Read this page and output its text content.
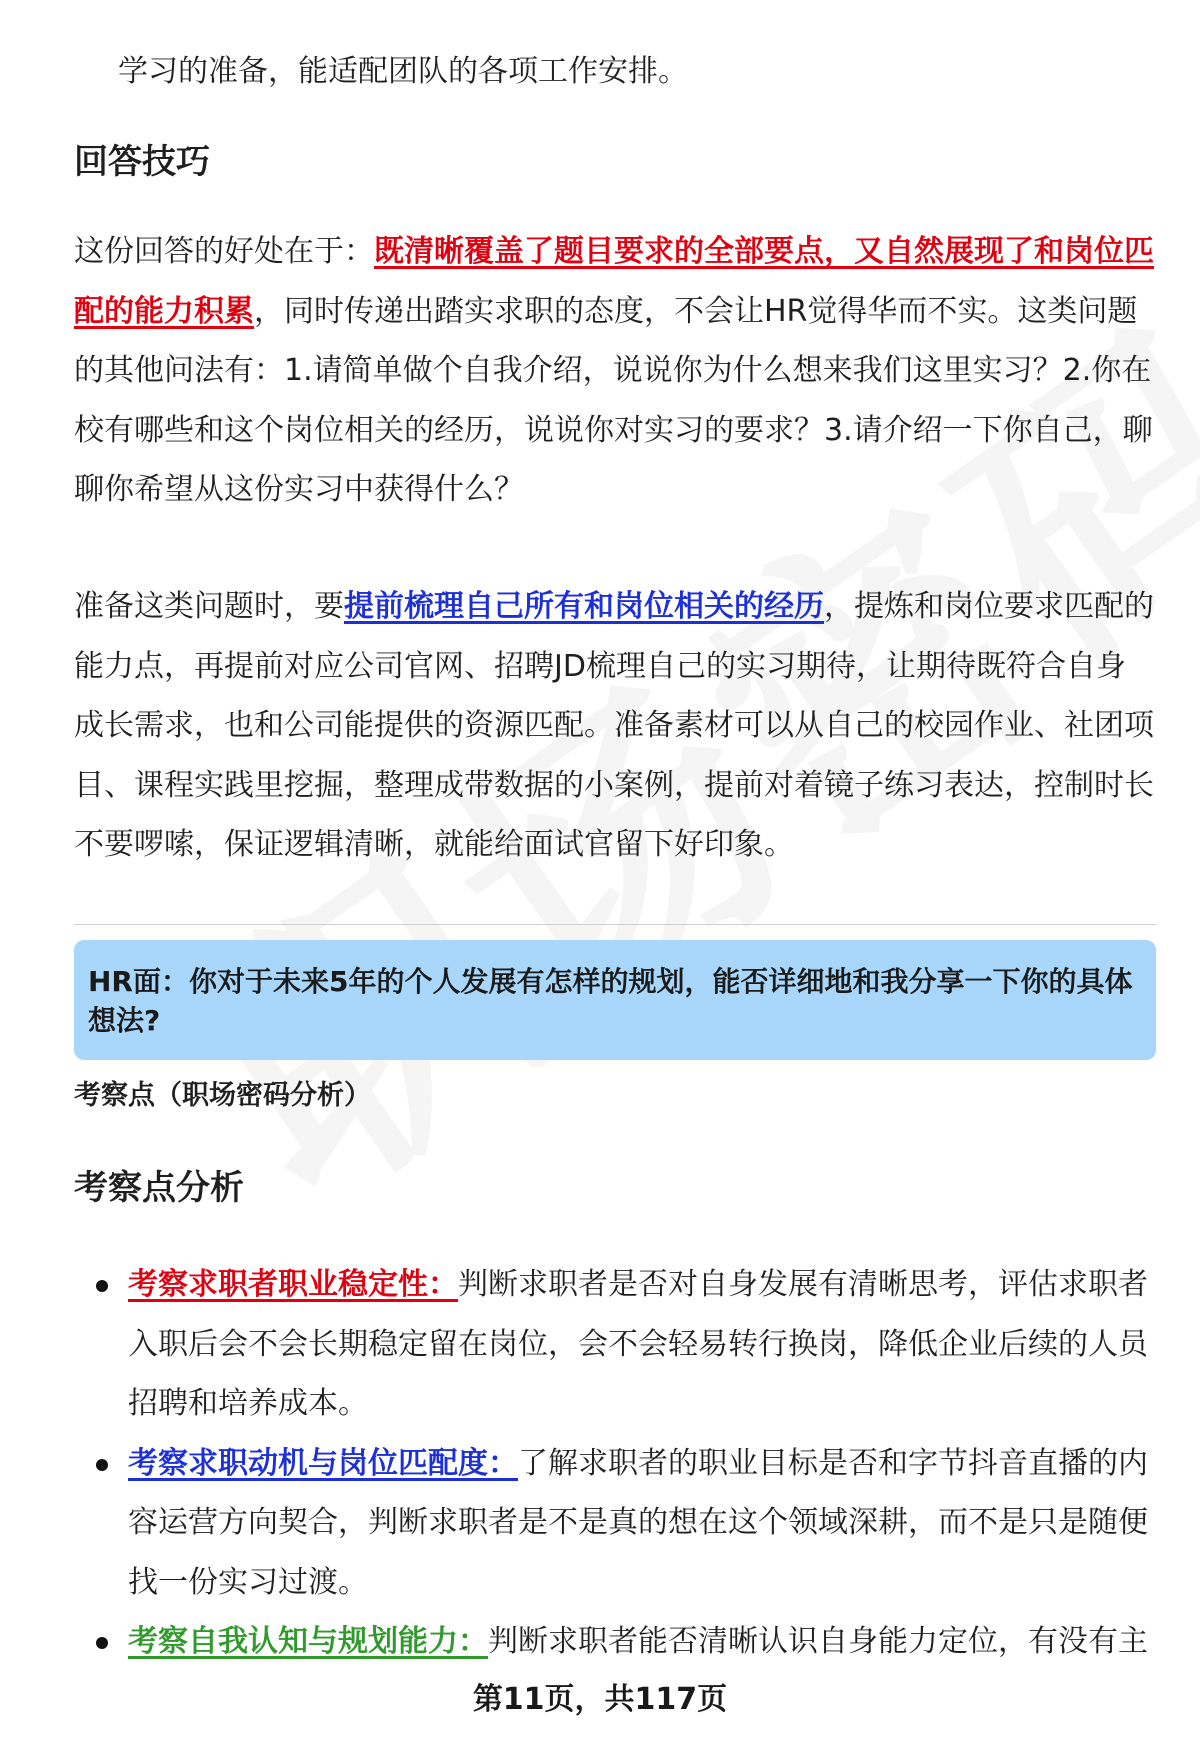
学习的准备，能适配团队的各项工作安排。

回答技巧

这份回答的好处在于：既清晰覆盖了题目要求的全部要点，又自然展现了和岗位匹配的能力积累，同时传递出踏实求职的态度，不会让HR觉得华而不实。这类问题的其他问法有：1.请简单做个自我介绍，说说你为什么想来我们这里实习？2.你在校有哪些和这个岗位相关的经历，说说你对实习的要求？3.请介绍一下你自己，聊聊你希望从这份实习中获得什么？

准备这类问题时，要提前梳理自己所有和岗位相关的经历，提炼和岗位要求匹配的能力点，再提前对应公司官网、招聘JD梳理自己的实习期待，让期待既符合自身成长需求，也和公司能提供的资源匹配。准备素材可以从自己的校园作业、社团项目、课程实践里挖掘，整理成带数据的小案例，提前对着镜子练习表达，控制时长不要啰嗦，保证逻辑清晰，就能给面试官留下好印象。

HR面：你对于未来5年的个人发展有怎样的规划，能否详细地和我分享一下你的具体想法?
考察点（职场密码分析）
考察点分析
考察求职者职业稳定性：判断求职者是否对自身发展有清晰思考，评估求职者入职后会不会长期稳定留在岗位，会不会轻易转行换岗，降低企业后续的人员招聘和培养成本。
考察求职动机与岗位匹配度：了解求职者的职业目标是否和字节抖音直播的内容运营方向契合，判断求职者是不是真的想在这个领域深耕，而不是只是随便找一份实习过渡。
考察自我认知与规划能力：判断求职者能否清晰认识自身能力定位，有没有主
第11页，共117页
